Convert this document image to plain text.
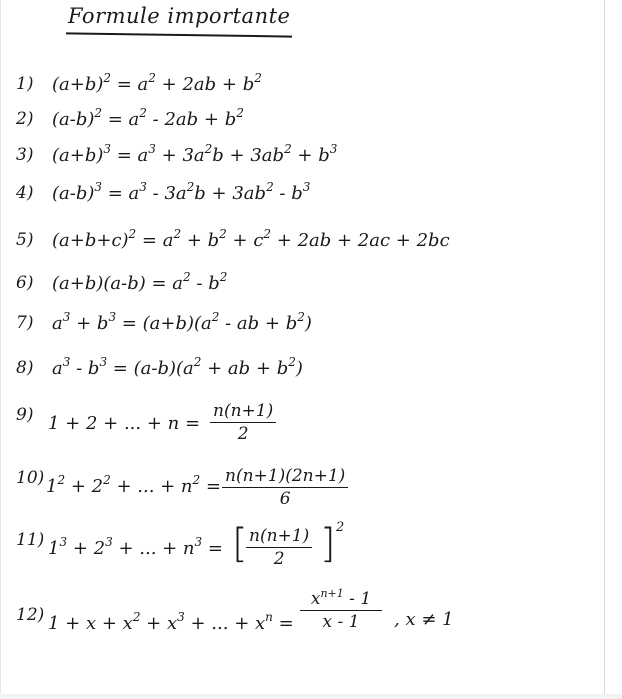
Formule importante
1) $(a+b)^2 = a^2 + 2ab + b^2$
2) $(a-b)^2 = a^2 - 2ab + b^2$
3) $(a+b)^3 = a^3 + 3a^2b + 3ab^2 + b^3$
4) $(a-b)^3 = a^3 - 3a^2b + 3ab^2 - b^3$
5) $(a+b+c)^2 = a^2 + b^2 + c^2 + 2ab + 2ac + 2bc$
6) $(a+b)(a-b) = a^2 - b^2$
7) $a^3 + b^3 = (a+b)(a^2$ - ab + $b^2$)
8) $a^3 - b^3 = (a-b)(a^2$ + ab + $b^2$)
9) 1 + 2 + ... + n =
n(n+1)
2
10) $1^2 + 2^2$ + ... + $n^2 = n(n+1)(2n+1)$
6
11) $1^3 + 2^3$ + ... + $n^3$ = [ n(n+1)
2 ] 2
12) $1 + x + x^2 + x^3$ + ... + $x^n$ =
$x^{n+1} - 1$
x - 1	, x ≠ 1
